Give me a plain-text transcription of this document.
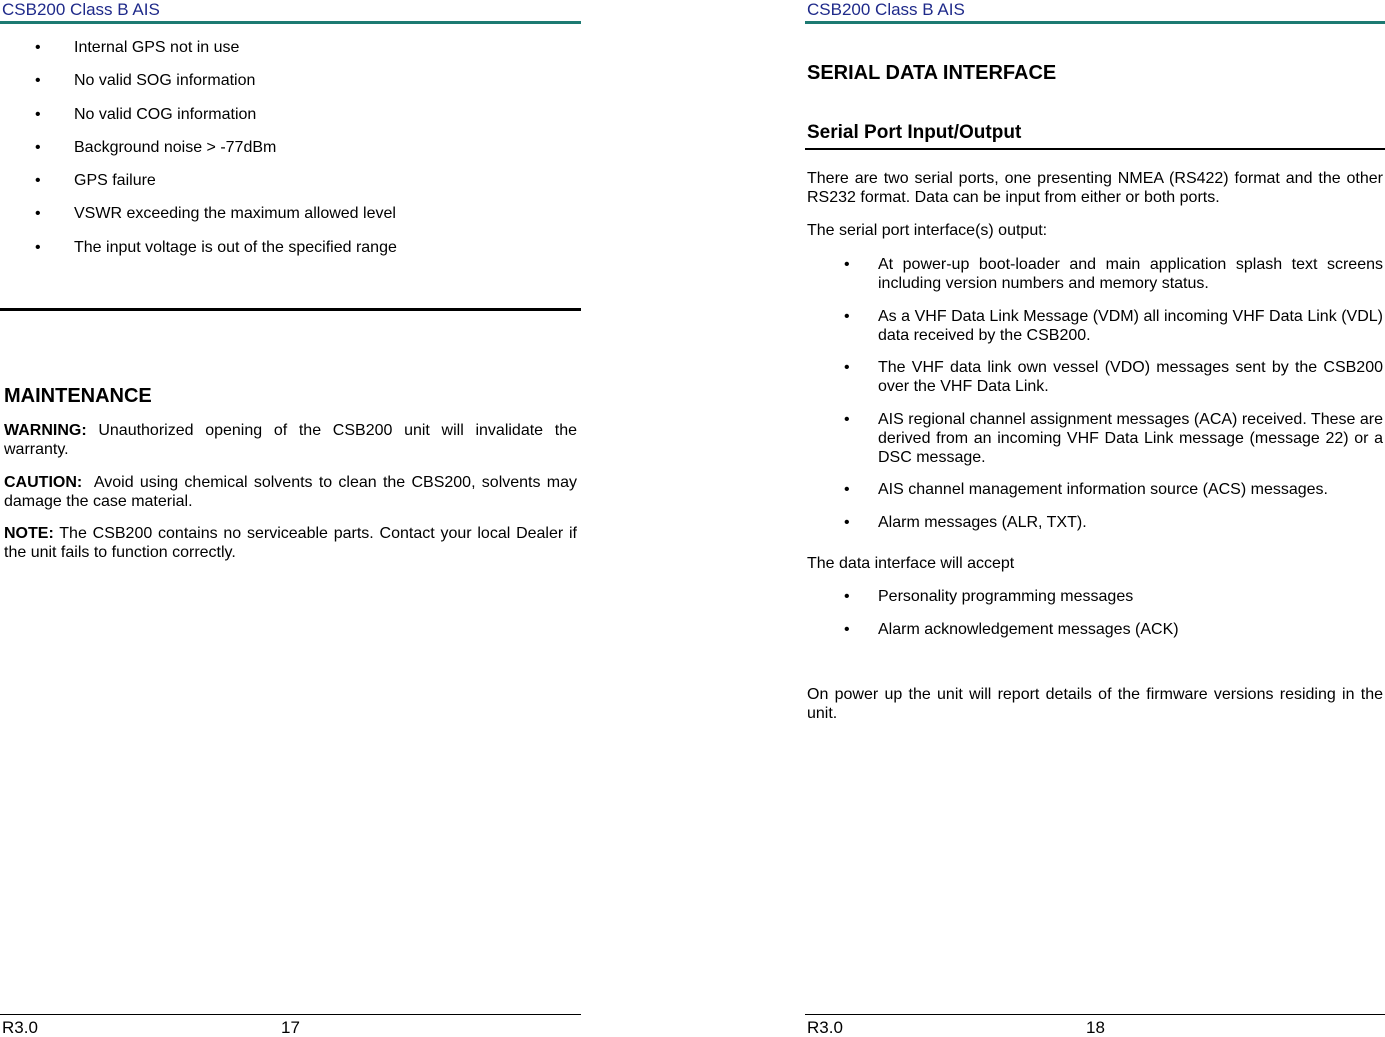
CSB200 Class B AIS
• Internal GPS not in use
• No valid SOG information
• No valid COG information
• Background noise > -77dBm
• GPS failure
• VSWR exceeding the maximum allowed level
• The input voltage is out of the specified range
MAINTENANCE
WARNING: Unauthorized opening of the CSB200 unit will invalidate the warranty.
CAUTION:  Avoid using chemical solvents to clean the CBS200, solvents may damage the case material.
NOTE: The CSB200 contains no serviceable parts. Contact your local Dealer if the unit fails to function correctly.
R3.0	17
CSB200 Class B AIS
SERIAL DATA INTERFACE
Serial Port Input/Output
There are two serial ports, one presenting NMEA (RS422) format and the other RS232 format. Data can be input from either or both ports.
The serial port interface(s) output:
• At power-up boot-loader and main application splash text screens including version numbers and memory status.
• As a VHF Data Link Message (VDM) all incoming VHF Data Link (VDL) data received by the CSB200.
• The VHF data link own vessel (VDO) messages sent by the CSB200 over the VHF Data Link.
• AIS regional channel assignment messages (ACA) received. These are derived from an incoming VHF Data Link message (message 22) or a DSC message.
• AIS channel management information source (ACS) messages.
• Alarm messages (ALR, TXT).
The data interface will accept
• Personality programming messages
• Alarm acknowledgement messages (ACK)
On power up the unit will report details of the firmware versions residing in the unit.
R3.0	18
